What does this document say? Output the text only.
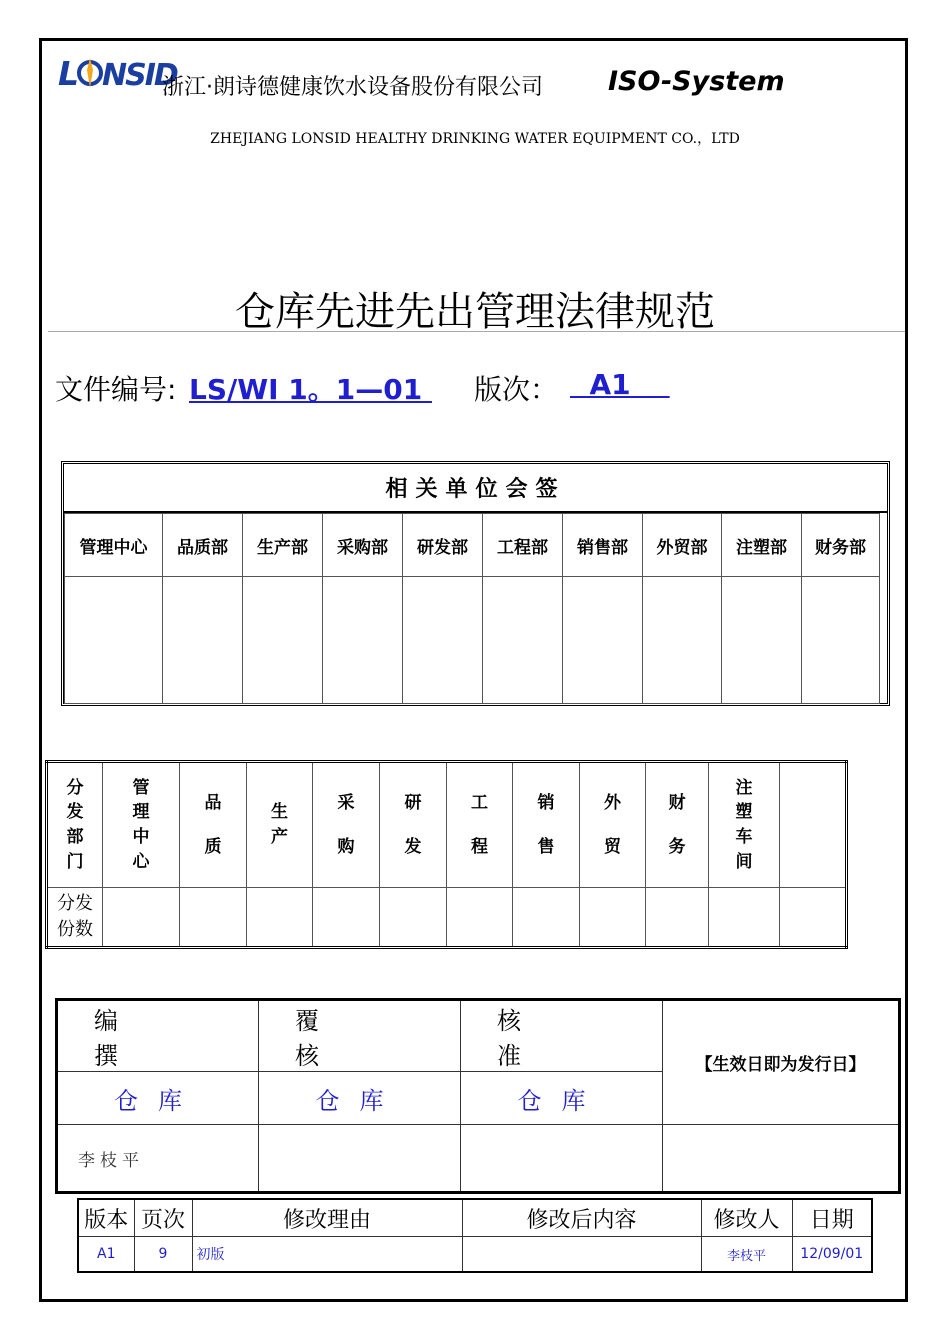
L NSID
浙江·朗诗德健康饮水设备股份有限公司 ISO-System
ZHEJIANG LONSID HEALTHY DRINKING WATER EQUIPMENT CO.，LTD
仓库先进先出管理法律规范
文件编号: LS/WI 1。1—01 版次： A1
相关单位会签
管理中心	品质部	生产部	采购部	研发部	工程部	销售部	外贸部	注塑部	财务部

分发部门	管理中心	品质	生产	采购	研发	工程	销售	外贸	财务	注塑车间	
分发份数											
编撰	覆核	核准	【生效日即为发行日】
仓库	仓库	仓库	
李枝平			
版本	页次	修改理由	修改后内容	修改人	日期
A1	9	初版		李枝平	12/09/01
